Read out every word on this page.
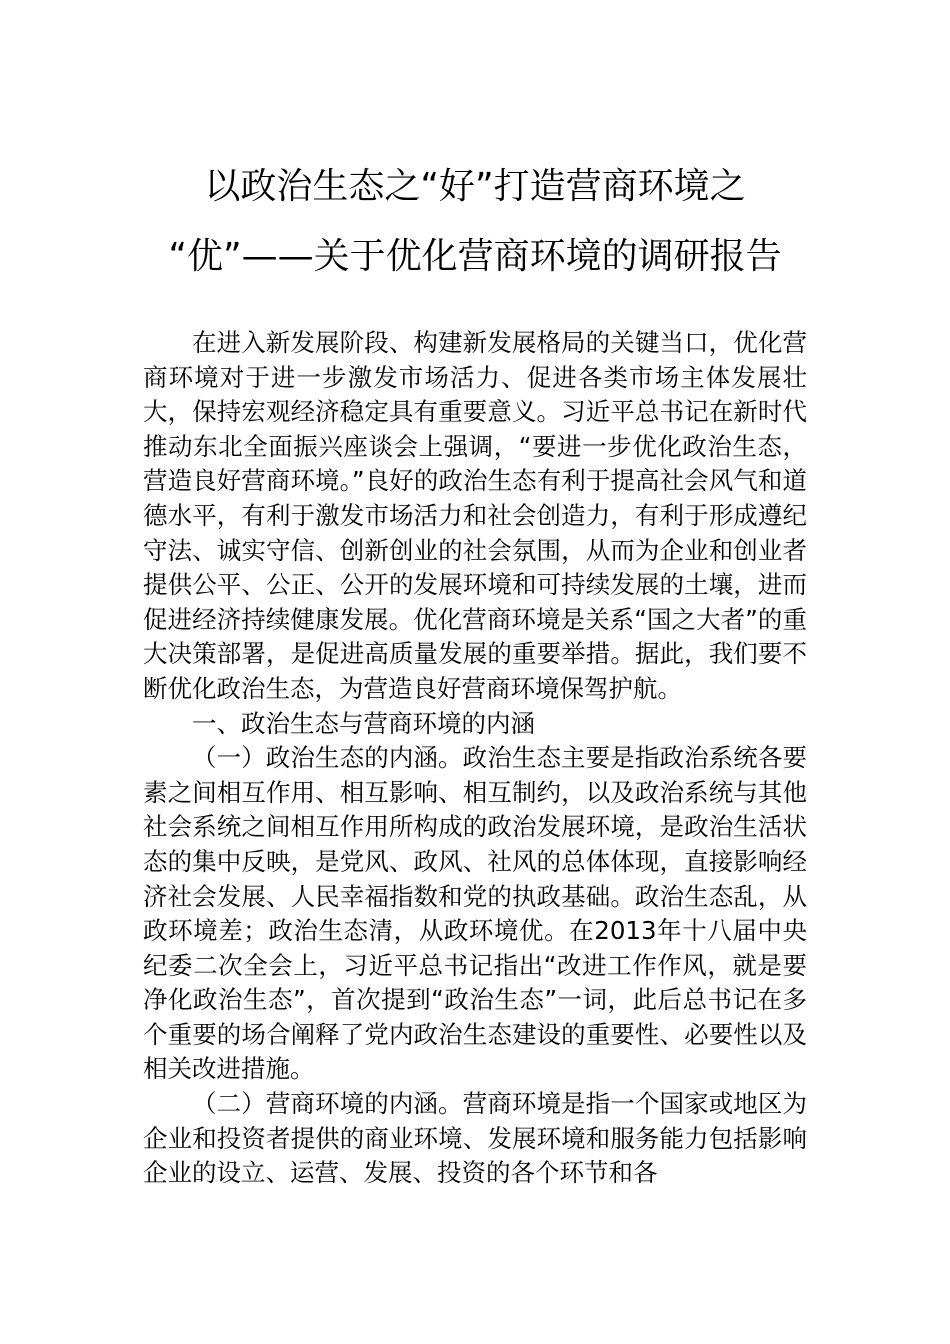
以政治生态之“好”打造营商环境之
“优”——关于优化营商环境的调研报告

在进入新发展阶段、构建新发展格局的关键当口，优化营商环境对于进一步激发市场活力、促进各类市场主体发展壮大，保持宏观经济稳定具有重要意义。习近平总书记在新时代推动东北全面振兴座谈会上强调，“要进一步优化政治生态，营造良好营商环境。”良好的政治生态有利于提高社会风气和道德水平，有利于激发市场活力和社会创造力，有利于形成遵纪守法、诚实守信、创新创业的社会氛围，从而为企业和创业者提供公平、公正、公开的发展环境和可持续发展的土壤，进而促进经济持续健康发展。优化营商环境是关系“国之大者”的重大决策部署，是促进高质量发展的重要举措。据此，我们要不断优化政治生态，为营造良好营商环境保驾护航。

一、政治生态与营商环境的内涵

（一）政治生态的内涵。政治生态主要是指政治系统各要素之间相互作用、相互影响、相互制约，以及政治系统与其他社会系统之间相互作用所构成的政治发展环境，是政治生活状态的集中反映，是党风、政风、社风的总体体现，直接影响经济社会发展、人民幸福指数和党的执政基础。政治生态乱，从政环境差；政治生态清，从政环境优。在2013年十八届中央纪委二次全会上，习近平总书记指出“改进工作作风，就是要净化政治生态”，首次提到“政治生态”一词，此后总书记在多个重要的场合阐释了党内政治生态建设的重要性、必要性以及相关改进措施。

（二）营商环境的内涵。营商环境是指一个国家或地区为企业和投资者提供的商业环境、发展环境和服务能力包括影响企业的设立、运营、发展、投资的各个环节和各
